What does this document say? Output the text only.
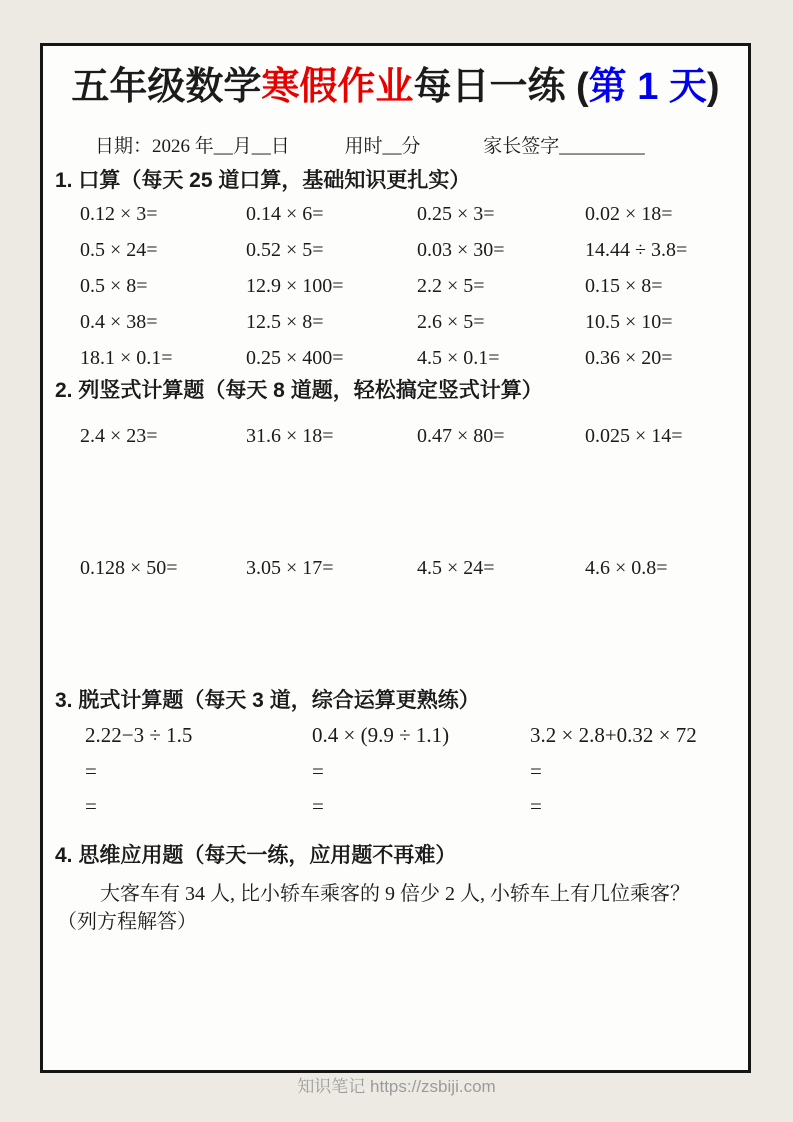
五年级数学寒假作业每日一练 (第 1 天)
日期：2026 年__月__日	用时__分	家长签字_________
1. 口算（每天 25 道口算，基础知识更扎实）
0.12 × 3=	0.14 × 6=	0.25 × 3=	0.02 × 18=
0.5 × 24=	0.52 × 5=	0.03 × 30=	14.44 ÷ 3.8=
0.5 × 8=	12.9 × 100=	2.2 × 5=	0.15 × 8=
0.4 × 38=	12.5 × 8=	2.6 × 5=	10.5 × 10=
18.1 × 0.1=	0.25 × 400=	4.5 × 0.1=	0.36 × 20=
2. 列竖式计算题（每天 8 道题，轻松搞定竖式计算）
2.4 × 23=	31.6 × 18=	0.47 × 80=	0.025 × 14=
0.128 × 50=	3.05 × 17=	4.5 × 24=	4.6 × 0.8=
3. 脱式计算题（每天 3 道，综合运算更熟练）
2.22−3 ÷ 1.5	0.4 × (9.9 ÷ 1.1)	3.2 × 2.8+0.32 × 72
=	=	=
=	=	=
4. 思维应用题（每天一练，应用题不再难）
大客车有 34 人, 比小轿车乘客的 9 倍少 2 人, 小轿车上有几位乘客？
（列方程解答）
知识笔记 https://zsbiji.com
